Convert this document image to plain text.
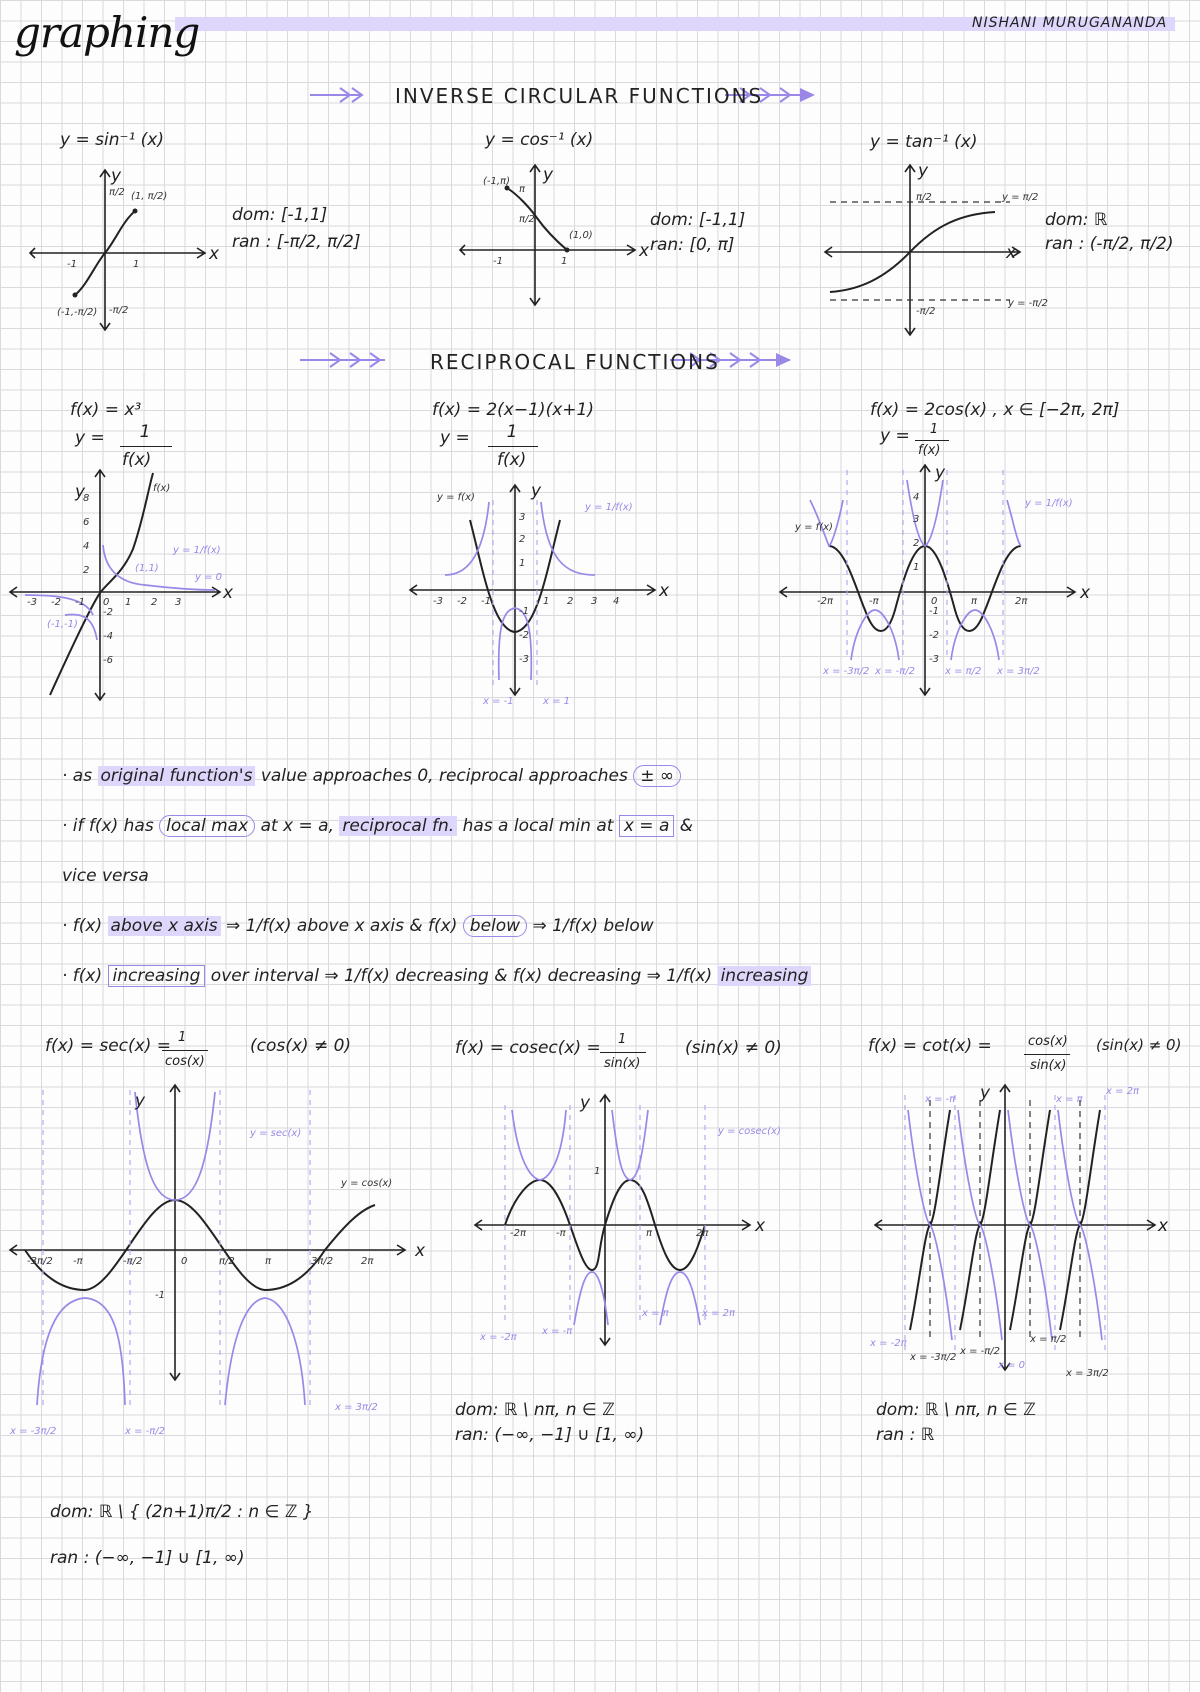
graphing	NISHANI MURUGANANDA
INVERSE CIRCULAR FUNCTIONS
RECIPROCAL FUNCTIONS
y = sin⁻¹ (x)
π/2
-π/2
-1	1
(1, π/2)
(-1,-π/2)
x
y
dom: [-1,1]
ran : [-π/2, π/2]
y = cos⁻¹ (x)
π
π/2
-1	1
(-1,π)
(1,0)
x
y
dom: [-1,1]
ran: [0, π]
y = tan⁻¹ (x)
π/2
-π/2
y = π/2
y = -π/2
x
y
dom: ℝ
ran : (-π/2, π/2)
f(x) = x³
y =	1
f(x)
8
6
4
2
-2
-4
-6
-3 -2 -1 0 1 2 3
f(x)
y = 1/f(x)
y = 0
(1,1)
(-1,-1)
y
x
f(x) = 2(x−1)(x+1)
y =	1
f(x)
3
2
1
-1
-2
-3
-3 -2 -1	1 2 3 4
y = f(x)
y = 1/f(x)
x = -1	x = 1
y
x
f(x) = 2cos(x) , x ∈ [−2π, 2π]
y =	1
f(x)
4
3
2
1
-1
-2
-3
-2π	-π	0	π	2π
y = f(x)
y = 1/f(x)
x = -3π/2 x = -π/2	x = π/2 x = 3π/2
y
x
· as original function's value approaches 0, reciprocal approaches ± ∞
· if f(x) has local max at x = a, reciprocal fn. has a local min at x = a &
vice versa
· f(x) above x axis ⇒ 1/f(x) above x axis & f(x) below ⇒ 1/f(x) below
· f(x) increasing over interval ⇒ 1/f(x) decreasing & f(x) decreasing ⇒ 1/f(x) increasing
f(x) = sec(x) = 1
cos(x)
(cos(x) ≠ 0)
-3π/2 -π	-π/2	0	π/2	π	3π/2	2π
-1
y = sec(x)
y = cos(x)
x = -3π/2	x = -π/2
x = 3π/2
y
x
dom: ℝ \ { (2n+1)π/2 : n ∈ ℤ }
ran : (−∞, −1] ∪ [1, ∞)
f(x) = cosec(x) = 1
sin(x)
(sin(x) ≠ 0)
-2π	-π	π	2π
1
y = cosec(x)
x = -2π
x = -π
x = π	x = 2π
y
x
dom: ℝ \ nπ, n ∈ ℤ
ran: (−∞, −1] ∪ [1, ∞)
f(x) = cot(x) =	cos(x)
sin(x)
(sin(x) ≠ 0)
x = -π	x = π
x = 2π
x = -2π
x = -3π/2
x = -π/2
x = 0
x = π/2
x = 3π/2
y
x
dom: ℝ \ nπ, n ∈ ℤ
ran : ℝ
